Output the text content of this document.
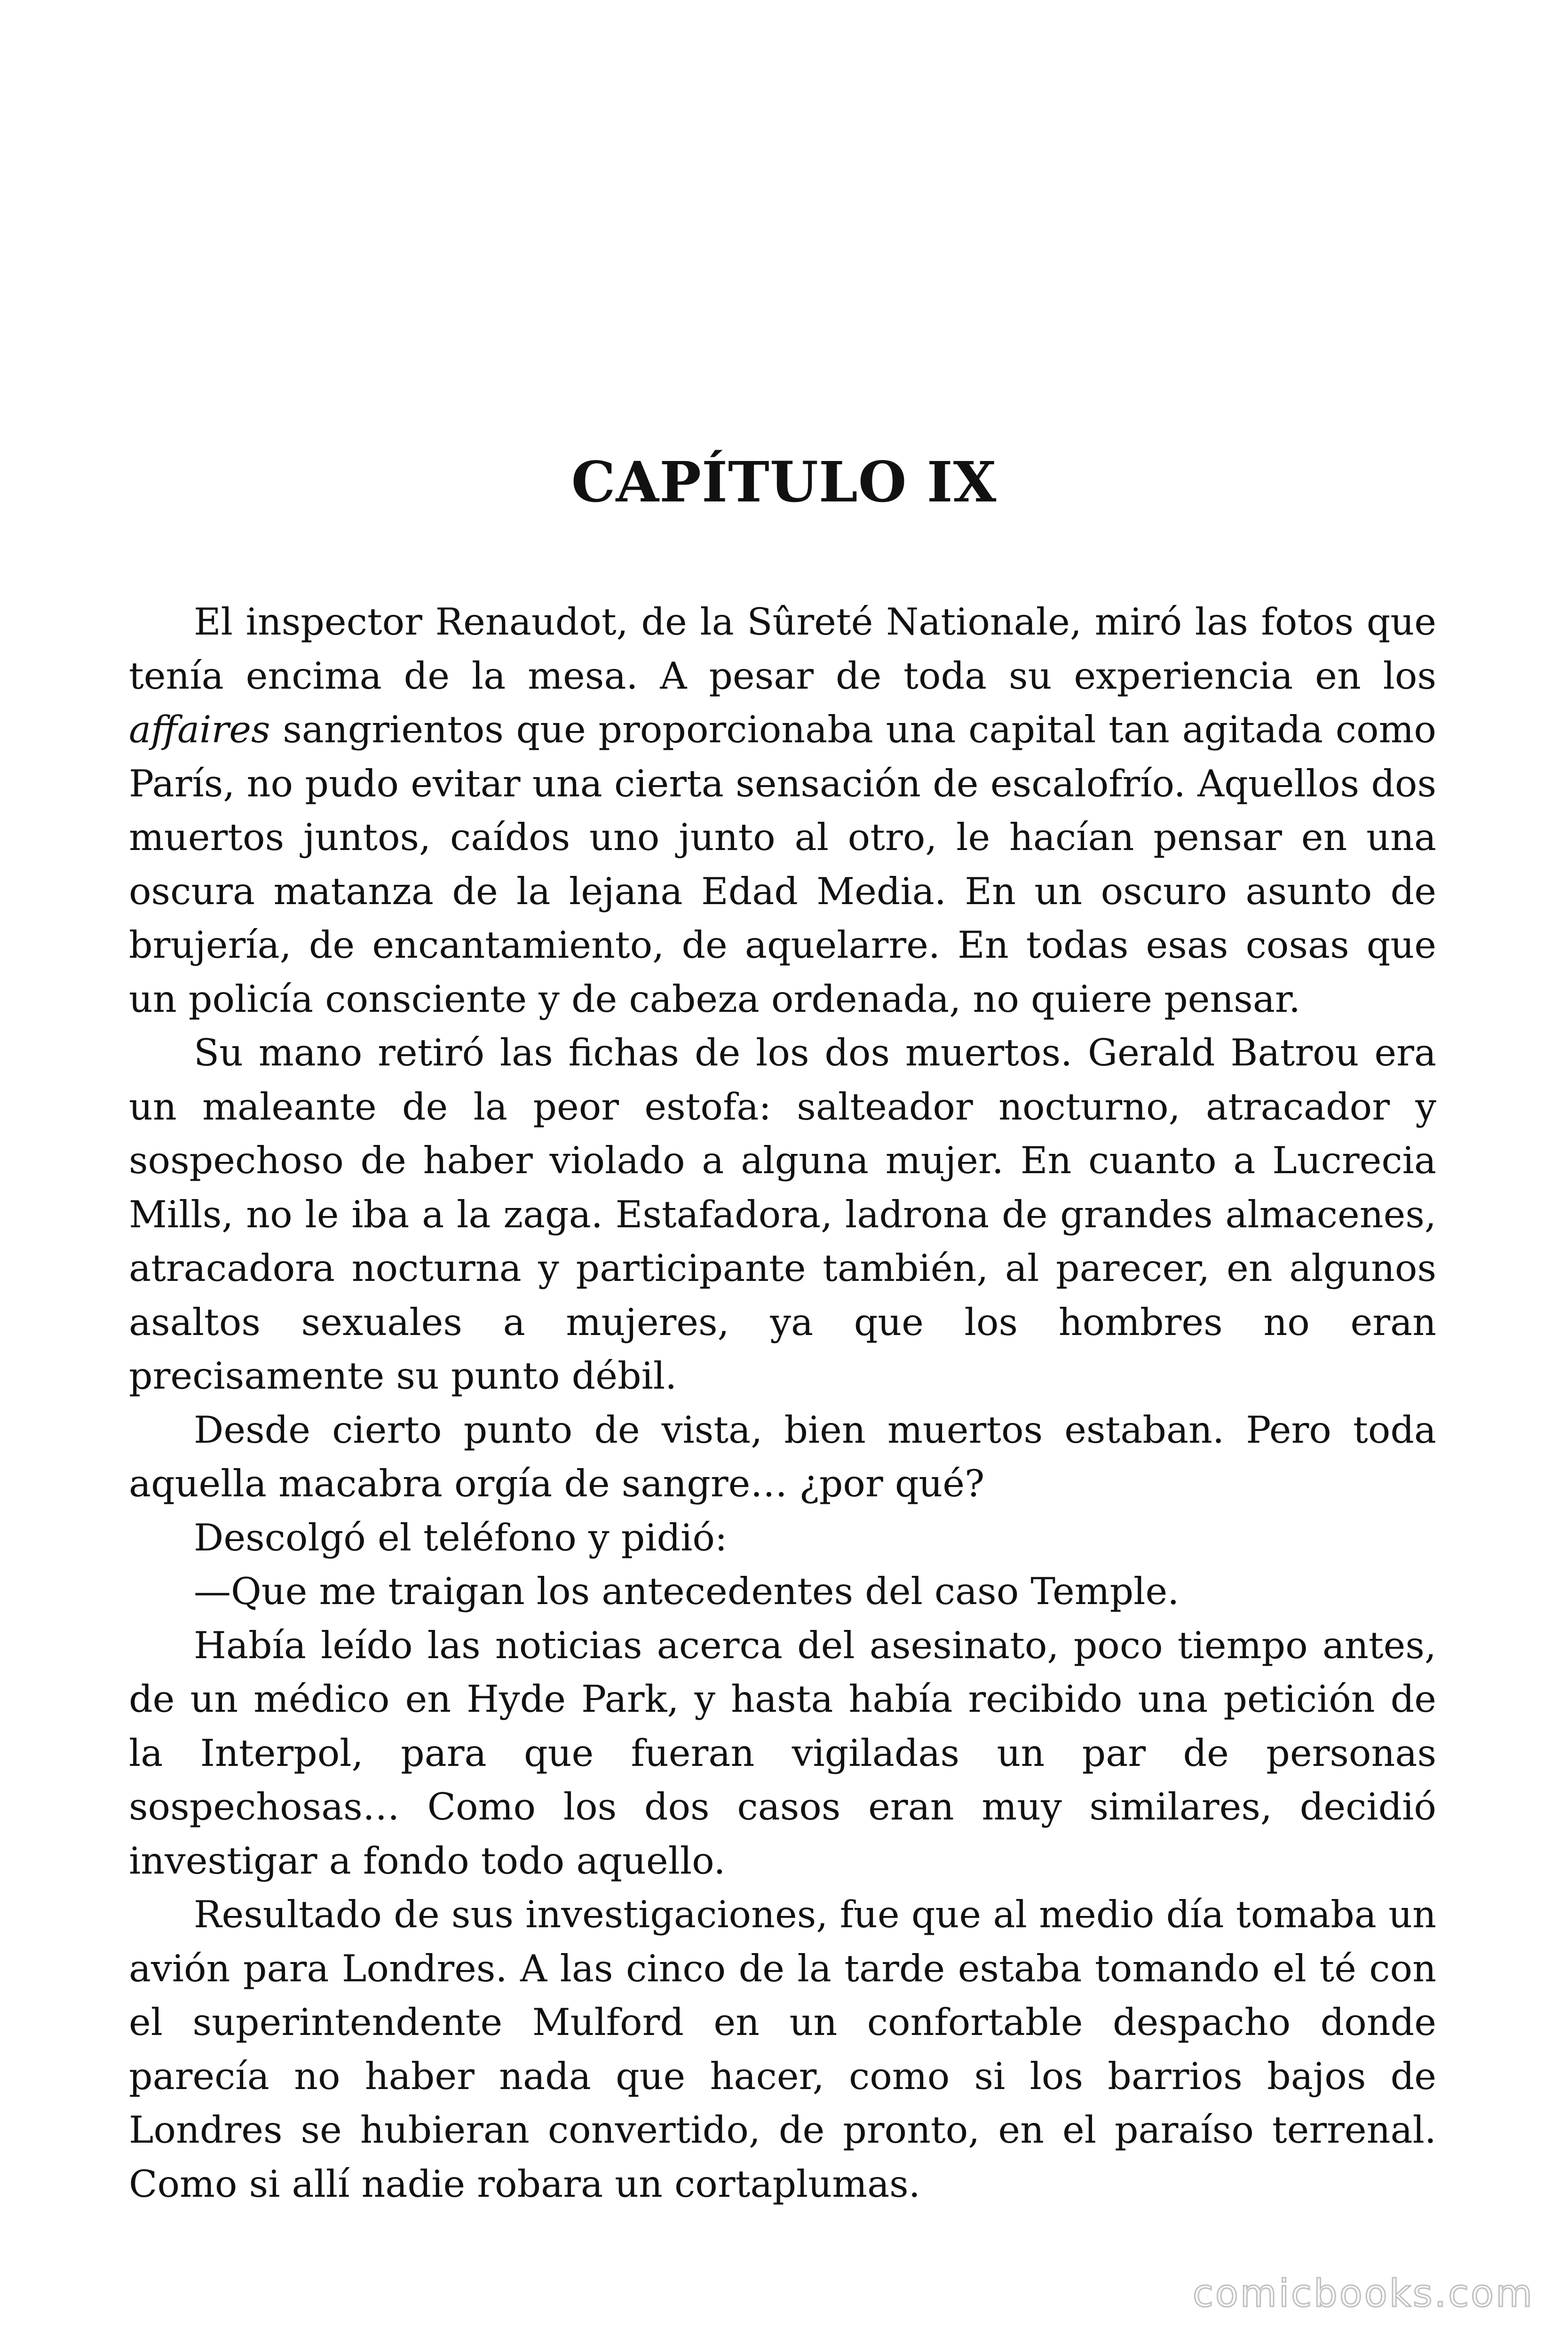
CAPÍTULO IX

El inspector Renaudot, de la Sûreté Nationale, miró las fotos que tenía encima de la mesa. A pesar de toda su experiencia en los affaires sangrientos que proporcionaba una capital tan agitada como París, no pudo evitar una cierta sensación de escalofrío. Aquellos dos muertos juntos, caídos uno junto al otro, le hacían pensar en una oscura matanza de la lejana Edad Media. En un oscuro asunto de brujería, de encantamiento, de aquelarre. En todas esas cosas que un policía consciente y de cabeza ordenada, no quiere pensar.

Su mano retiró las fichas de los dos muertos. Gerald Batrou era un maleante de la peor estofa: salteador nocturno, atracador y sospechoso de haber violado a alguna mujer. En cuanto a Lucrecia Mills, no le iba a la zaga. Estafadora, ladrona de grandes almacenes, atracadora nocturna y participante también, al parecer, en algunos asaltos sexuales a mujeres, ya que los hombres no eran precisamente su punto débil.

Desde cierto punto de vista, bien muertos estaban. Pero toda aquella macabra orgía de sangre… ¿por qué?

Descolgó el teléfono y pidió:

—Que me traigan los antecedentes del caso Temple.

Había leído las noticias acerca del asesinato, poco tiempo antes, de un médico en Hyde Park, y hasta había recibido una petición de la Interpol, para que fueran vigiladas un par de personas sospechosas… Como los dos casos eran muy similares, decidió investigar a fondo todo aquello.

Resultado de sus investigaciones, fue que al medio día tomaba un avión para Londres. A las cinco de la tarde estaba tomando el té con el superintendente Mulford en un confortable despacho donde parecía no haber nada que hacer, como si los barrios bajos de Londres se hubieran convertido, de pronto, en el paraíso terrenal. Como si allí nadie robara un cortaplumas.

comicbooks.com
